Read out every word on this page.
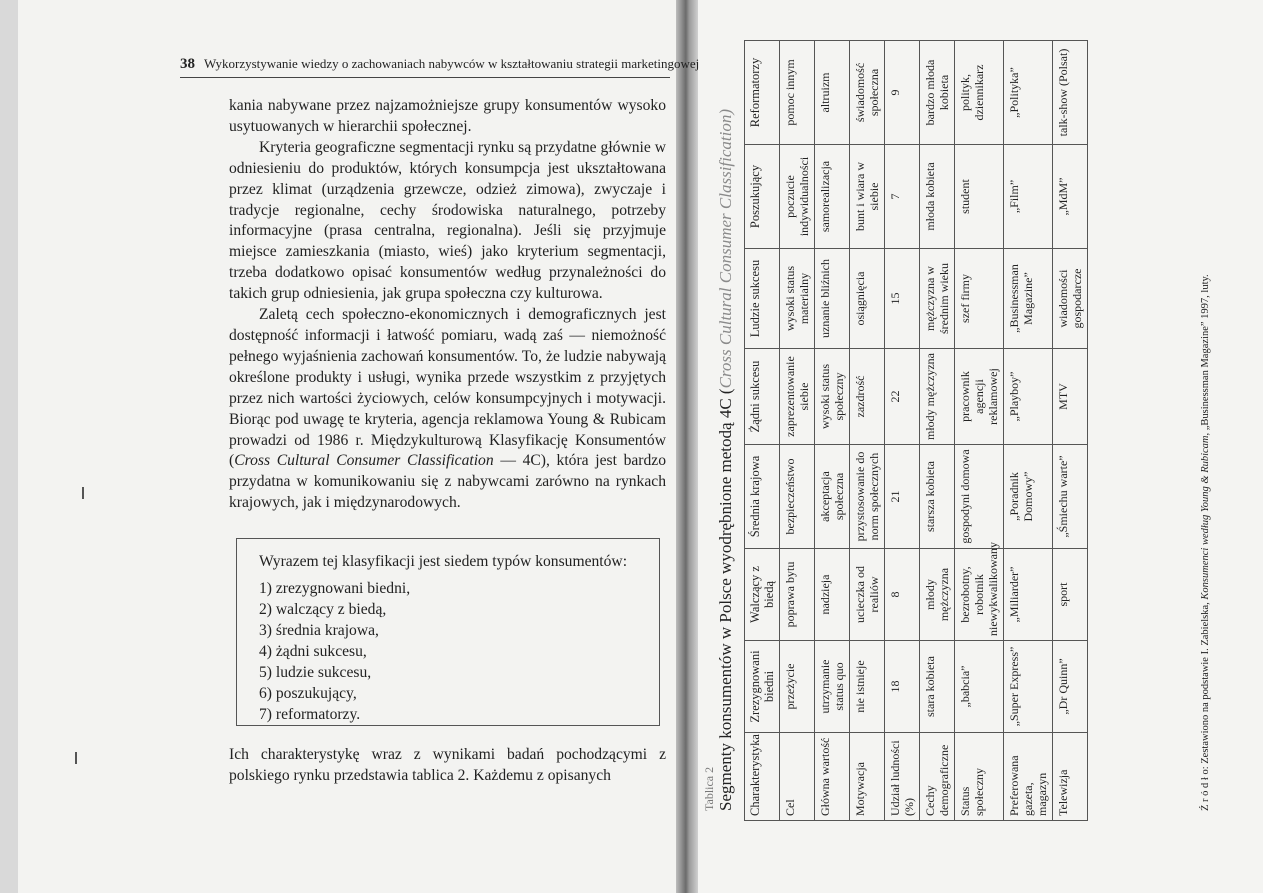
38 Wykorzystywanie wiedzy o zachowaniach nabywców w kształtowaniu strategii marketingowej

kania nabywane przez najzamożniejsze grupy konsumentów wysoko usytuowanych w hierarchii społecznej.

Kryteria geograficzne segmentacji rynku są przydatne głównie w odniesieniu do produktów, których konsumpcja jest ukształtowana przez klimat (urządzenia grzewcze, odzież zimowa), zwyczaje i tradycje regionalne, cechy środowiska naturalnego, potrzeby informacyjne (prasa centralna, regionalna). Jeśli się przyjmuje miejsce zamieszkania (miasto, wieś) jako kryterium segmentacji, trzeba dodatkowo opisać konsumentów według przynależności do takich grup odniesienia, jak grupa społeczna czy kulturowa.

Zaletą cech społeczno-ekonomicznych i demograficznych jest dostępność informacji i łatwość pomiaru, wadą zaś — niemożność pełnego wyjaśnienia zachowań konsumentów. To, że ludzie nabywają określone produkty i usługi, wynika przede wszystkim z przyjętych przez nich wartości życiowych, celów konsumpcyjnych i motywacji. Biorąc pod uwagę te kryteria, agencja reklamowa Young & Rubicam prowadzi od 1986 r. Międzykulturową Klasyfikację Konsumentów (Cross Cultural Consumer Classification — 4C), która jest bardzo przydatna w komunikowaniu się z nabywcami zarówno na rynkach krajowych, jak i międzynarodowych.

Wyrazem tej klasyfikacji jest siedem typów konsumentów:

1) zrezygnowani biedni,
2) walczący z biedą,
3) średnia krajowa,
4) żądni sukcesu,
5) ludzie sukcesu,
6) poszukujący,
7) reformatorzy.

Ich charakterystykę wraz z wynikami badań pochodzącymi z polskiego rynku przedstawia tablica 2. Każdemu z opisanych	Tablica 2 Segmenty konsumentów w Polsce wyodrębnione metodą 4C (Cross Cultural Consumer Classification)
Charakterystyka	Zrezygnowani biedni	Walczący z biedą	Średnia krajowa	Żądni sukcesu	Ludzie sukcesu	Poszukujący	Reformatorzy
Cel	przeżycie	poprawa bytu	bezpieczeństwo	zaprezentowanie siebie	wysoki status materialny	poczucie indywidualności	pomoc innym
Główna wartość	utrzymanie status quo	nadzieja	akceptacja społeczna	wysoki status społeczny	uznanie bliźnich	samorealizacja	altruizm
Motywacja	nie istnieje	ucieczka od realiów	przystosowanie do norm społecznych	zazdrość	osiągnięcia	bunt i wiara w siebie	świadomość społeczna
Udział ludności (%)	18	8	21	22	15	7	9
Cechy demograficzne	stara kobieta	młody mężczyzna	starsza kobieta	młody mężczyzna	mężczyzna w średnim wieku	młoda kobieta	bardzo młoda kobieta
Status społeczny	„babcia”	bezrobotny, robotnik niewykwalikowany	gospodyni domowa	pracownik agencji reklamowej	szef firmy	student	polityk, dziennikarz
Preferowana gazeta, magazyn	„Super Express”	„Miliarder”	„Poradnik Domowy”	„Playboy”	„Businessman Magazine”	„Film”	„Polityka”
Telewizja	„Dr Quinn”	sport	„Śmiechu warte”	MTV	wiadomości gospodarcze	„MdM”	talk-show (Polsat)
Ź r ó d ł o: Zestawiono na podstawie I. Zabielska, Konsumenci według Young & Rubicam, „Businessman Magazine” 1997, luty.
